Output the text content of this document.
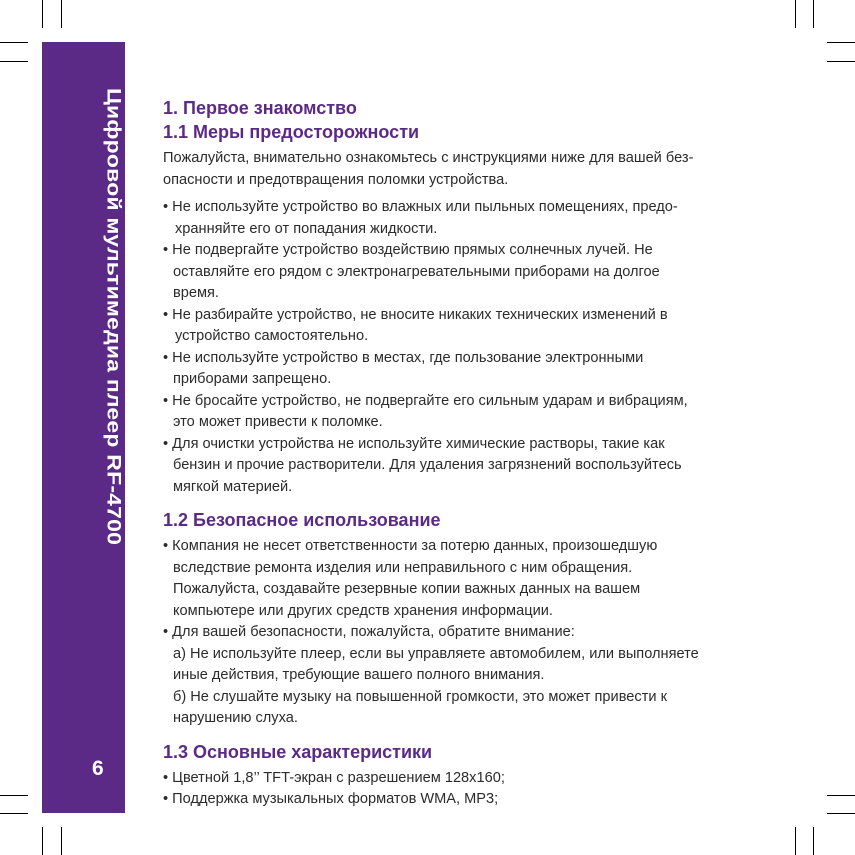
Цифровой мультимедиа плеер RF-4700
6
1. Первое знакомство
1.1 Меры предосторожности
Пожалуйста, внимательно ознакомьтесь с инструкциями ниже для вашей без-
опасности и предотвращения поломки устройства.
• Не используйте устройство во влажных или пыльных помещениях, предо-
хранняйте его от попадания жидкости.
• Не подвергайте устройство воздействию прямых солнечных лучей. Не
оставляйте его рядом с электронагревательными приборами на долгое
время.
• Не разбирайте устройство, не вносите никаких технических изменений в
устройство самостоятельно.
• Не используйте устройство в местах, где пользование электронными
приборами запрещено.
• Не бросайте устройство, не подвергайте его сильным ударам и вибрациям,
это может привести к поломке.
• Для очистки устройства не используйте химические растворы, такие как
бензин и прочие растворители. Для удаления загрязнений воспользуйтесь
мягкой материей.
1.2 Безопасное использование
• Компания не несет ответственности за потерю данных, произошедшую
вследствие ремонта изделия или неправильного с ним обращения.
Пожалуйста, создавайте резервные копии важных данных на вашем
компьютере или других средств хранения информации.
• Для вашей безопасности, пожалуйста, обратите внимание:
а) Не используйте плеер, если вы управляете автомобилем, или выполняете
иные действия, требующие вашего полного внимания.
б) Не слушайте музыку на повышенной громкости, это может привести к
нарушению слуха.
1.3 Основные характеристики
• Цветной 1,8’’ TFT-экран с разрешением 128x160;
• Поддержка музыкальных форматов WMA, MP3;
